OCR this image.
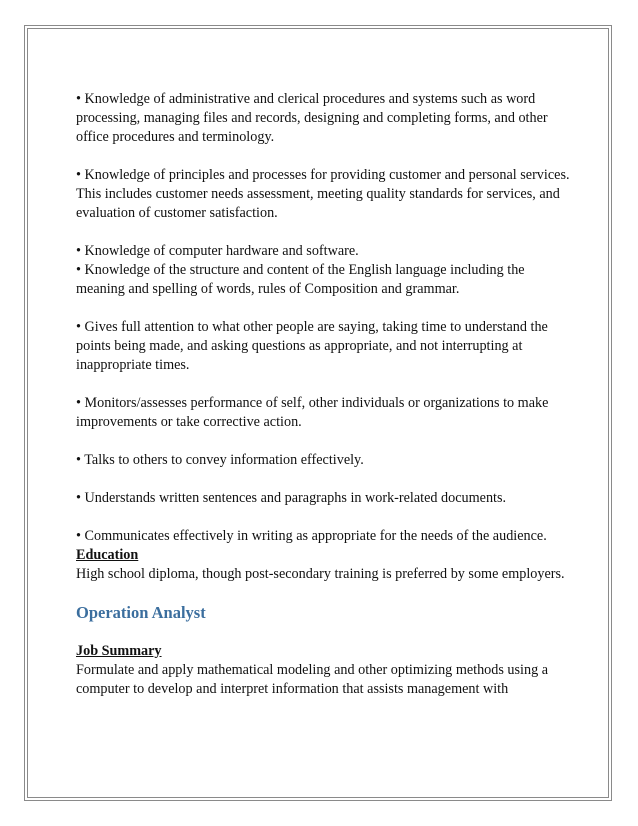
• Knowledge of administrative and clerical procedures and systems such as word processing, managing files and records, designing and completing forms, and other office procedures and terminology.

• Knowledge of principles and processes for providing customer and personal services. This includes customer needs assessment, meeting quality standards for services, and evaluation of customer satisfaction.

• Knowledge of computer hardware and software.

• Knowledge of the structure and content of the English language including the meaning and spelling of words, rules of Composition and grammar.

• Gives full attention to what other people are saying, taking time to understand the points being made, and asking questions as appropriate, and not interrupting at inappropriate times.

• Monitors/assesses performance of self, other individuals or organizations to make improvements or take corrective action.

• Talks to others to convey information effectively.

• Understands written sentences and paragraphs in work-related documents.

• Communicates effectively in writing as appropriate for the needs of the audience.

Education

High school diploma, though post-secondary training is preferred by some employers.

Operation Analyst

Job Summary

Formulate and apply mathematical modeling and other optimizing methods using a computer to develop and interpret information that assists management with
